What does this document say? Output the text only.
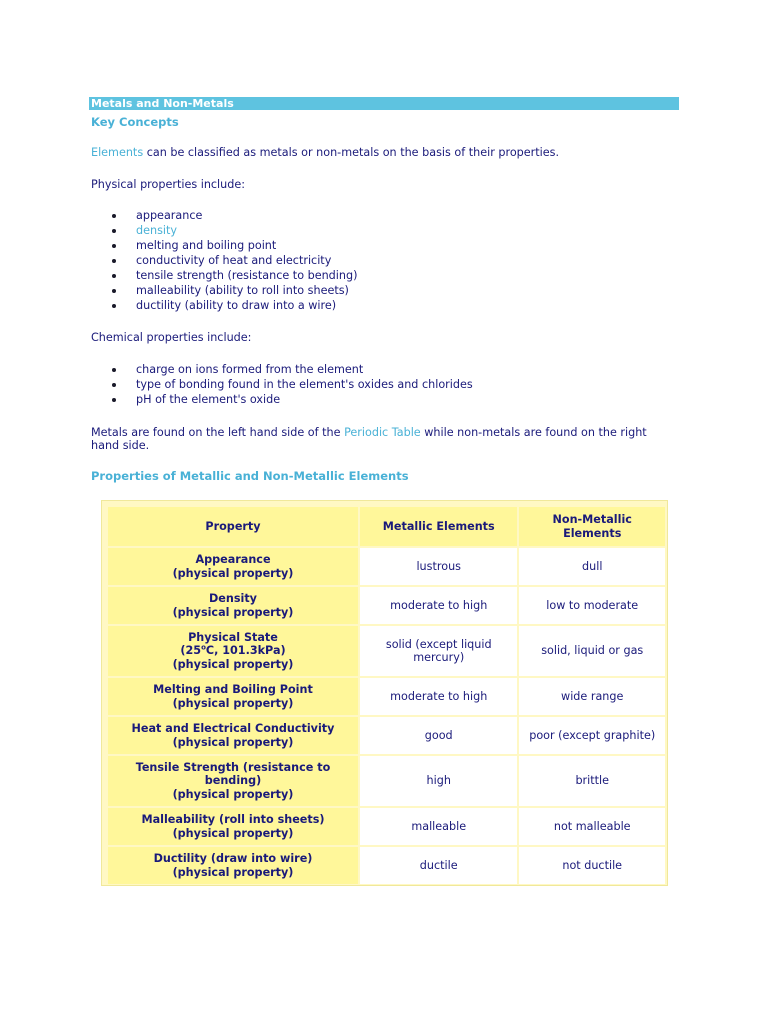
Metals and Non-Metals
Key Concepts
Elements can be classified as metals or non-metals on the basis of their properties.
Physical properties include:
appearance
density
melting and boiling point
conductivity of heat and electricity
tensile strength (resistance to bending)
malleability (ability to roll into sheets)
ductility (ability to draw into a wire)
Chemical properties include:
charge on ions formed from the element
type of bonding found in the element's oxides and chlorides
pH of the element's oxide
Metals are found on the left hand side of the Periodic Table while non-metals are found on the right hand side.
Properties of Metallic and Non-Metallic Elements
Property	Metallic Elements	Non-Metallic Elements

Appearance
(physical property)	lustrous	dull

Density
(physical property)	moderate to high	low to moderate

Physical State
(25$^o$C, 101.3kPa)
(physical property)	solid (except liquid mercury)	solid, liquid or gas

Melting and Boiling Point
(physical property)	moderate to high	wide range

Heat and Electrical Conductivity
(physical property)	good	poor (except graphite)

Tensile Strength (resistance to bending)
(physical property)	high	brittle

Malleability (roll into sheets)
(physical property)	malleable	not malleable

Ductility (draw into wire)
(physical property)	ductile	not ductile
